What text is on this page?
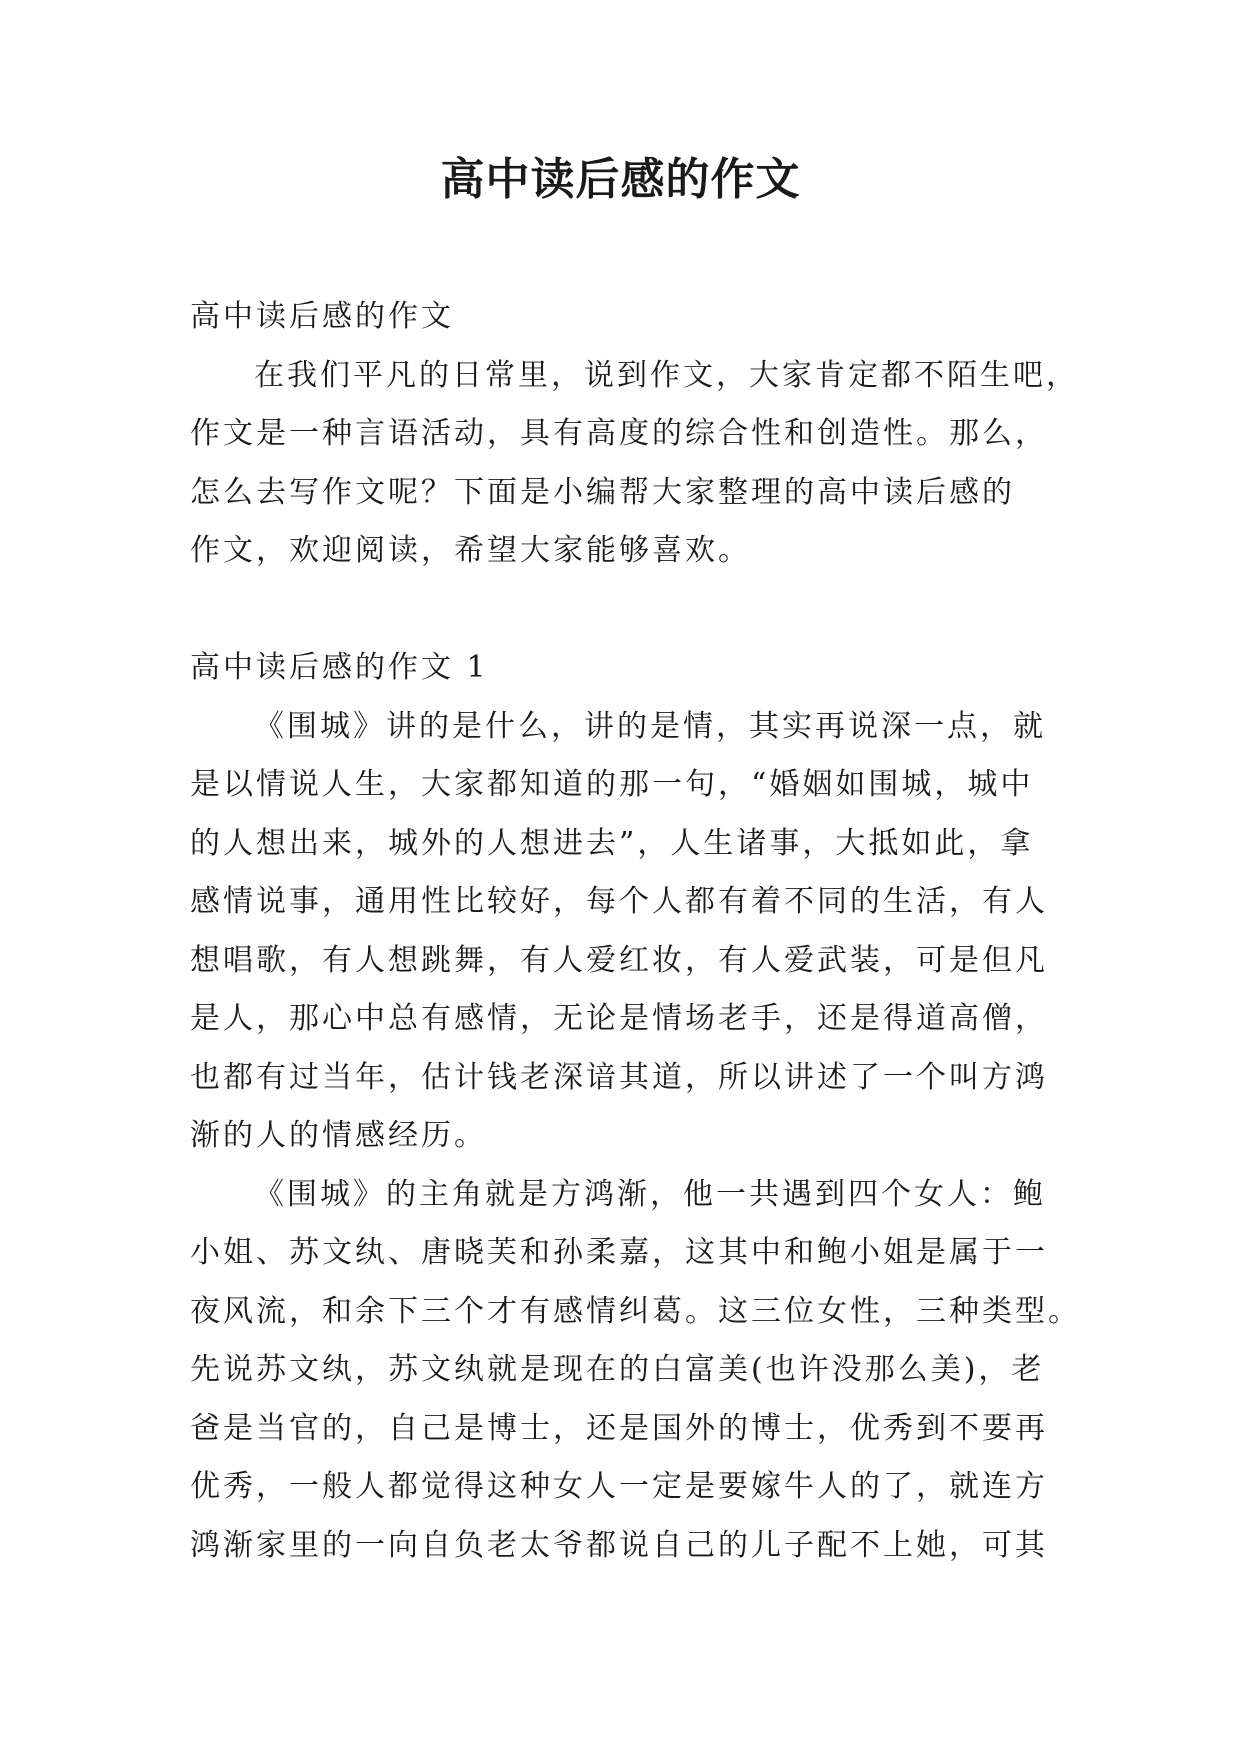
高中读后感的作文

高中读后感的作文

在我们平凡的日常里，说到作文，大家肯定都不陌生吧，

作文是一种言语活动，具有高度的综合性和创造性。那么，

怎么去写作文呢？下面是小编帮大家整理的高中读后感的

作文，欢迎阅读，希望大家能够喜欢。

高中读后感的作文 1

《围城》讲的是什么，讲的是情，其实再说深一点，就

是以情说人生，大家都知道的那一句，“婚姻如围城，城中

的人想出来，城外的人想进去”，人生诸事，大抵如此，拿

感情说事，通用性比较好，每个人都有着不同的生活，有人

想唱歌，有人想跳舞，有人爱红妆，有人爱武装，可是但凡

是人，那心中总有感情，无论是情场老手，还是得道高僧，

也都有过当年，估计钱老深谙其道，所以讲述了一个叫方鸿

渐的人的情感经历。

《围城》的主角就是方鸿渐，他一共遇到四个女人：鲍

小姐、苏文纨、唐晓芙和孙柔嘉，这其中和鲍小姐是属于一

夜风流，和余下三个才有感情纠葛。这三位女性，三种类型。

先说苏文纨，苏文纨就是现在的白富美(也许没那么美)，老

爸是当官的，自己是博士，还是国外的博士，优秀到不要再

优秀，一般人都觉得这种女人一定是要嫁牛人的了，就连方

鸿渐家里的一向自负老太爷都说自己的儿子配不上她，可其
